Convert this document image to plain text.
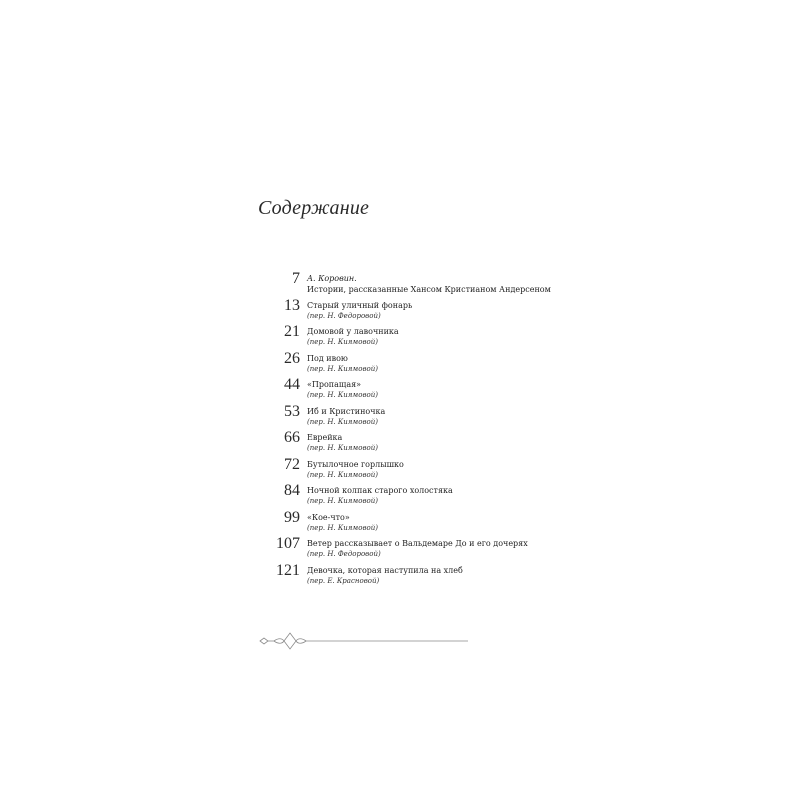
Содержание
7 А. Коровин.
Истории, рассказанные Хансом Кристианом Андерсеном
13 Старый уличный фонарь
(пер. Н. Федоровой)
21 Домовой у лавочника
(пер. Н. Киямовой)
26 Под ивою
(пер. Н. Киямовой)
44 «Пропащая»
(пер. Н. Киямовой)
53 Иб и Кристиночка
(пер. Н. Киямовой)
66 Еврейка
(пер. Н. Киямовой)
72 Бутылочное горлышко
(пер. Н. Киямовой)
84 Ночной колпак старого холостяка
(пер. Н. Киямовой)
99 «Кое-что»
(пер. Н. Киямовой)
107 Ветер рассказывает о Вальдемаре До и его дочерях
(пер. Н. Федоровой)
121 Девочка, которая наступила на хлеб
(пер. Е. Красновой)
